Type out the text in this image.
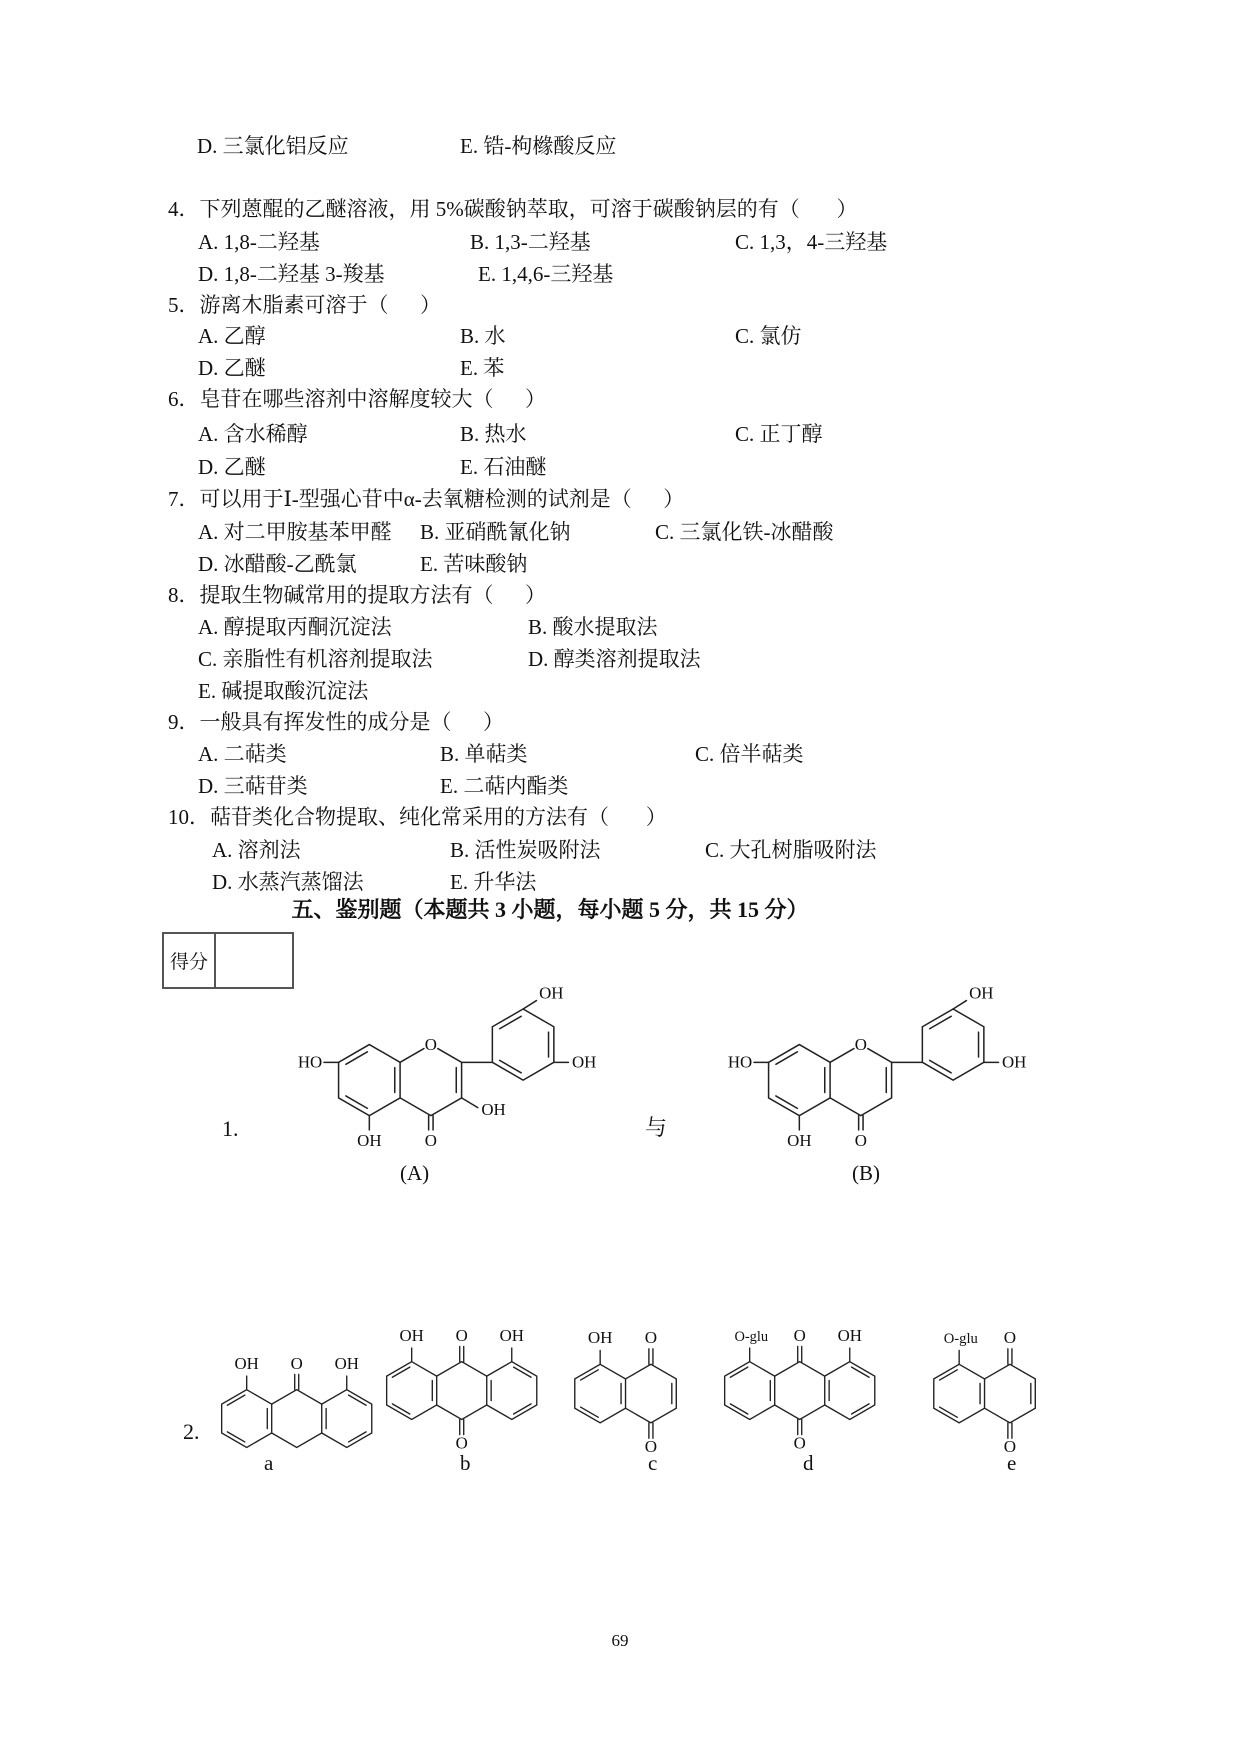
D. 三氯化铝反应	E. 锆-枸橼酸反应
4．下列蒽醌的乙醚溶液，用 5%碳酸钠萃取，可溶于碳酸钠层的有（       ）
A. 1,8-二羟基	B. 1,3-二羟基	C. 1,3，4-三羟基
D. 1,8-二羟基 3-羧基	E. 1,4,6-三羟基
5．游离木脂素可溶于（      ）
A. 乙醇	B. 水	C. 氯仿
D. 乙醚	E. 苯
6．皂苷在哪些溶剂中溶解度较大（      ）
A. 含水稀醇	B. 热水	C. 正丁醇
D. 乙醚	E. 石油醚
7．可以用于Ⅰ-型强心苷中α-去氧糖检测的试剂是（      ）
A. 对二甲胺基苯甲醛 B. 亚硝酰氰化钠	C. 三氯化铁-冰醋酸
D. 冰醋酸-乙酰氯	E. 苦味酸钠
8．提取生物碱常用的提取方法有（      ）
A. 醇提取丙酮沉淀法	B. 酸水提取法
C. 亲脂性有机溶剂提取法	D. 醇类溶剂提取法
E. 碱提取酸沉淀法
9．一般具有挥发性的成分是（      ）
A. 二萜类	B. 单萜类	C. 倍半萜类
D. 三萜苷类	E. 二萜内酯类
10．萜苷类化合物提取、纯化常采用的方法有（       ）
A. 溶剂法	B. 活性炭吸附法	C. 大孔树脂吸附法
D. 水蒸汽蒸馏法	E. 升华法
五、鉴别题（本题共 3 小题，每小题 5 分，共 15 分）
得分
1.	与
(A)	(B)
HO
OH O
O
OH
OH
OH	HO
OH O
O
OH
OH
2.
OH O OH
OH O OH
O
OH O
O
O-glu O OH
O
O-glu O
O
a	b	c	d	e
69
